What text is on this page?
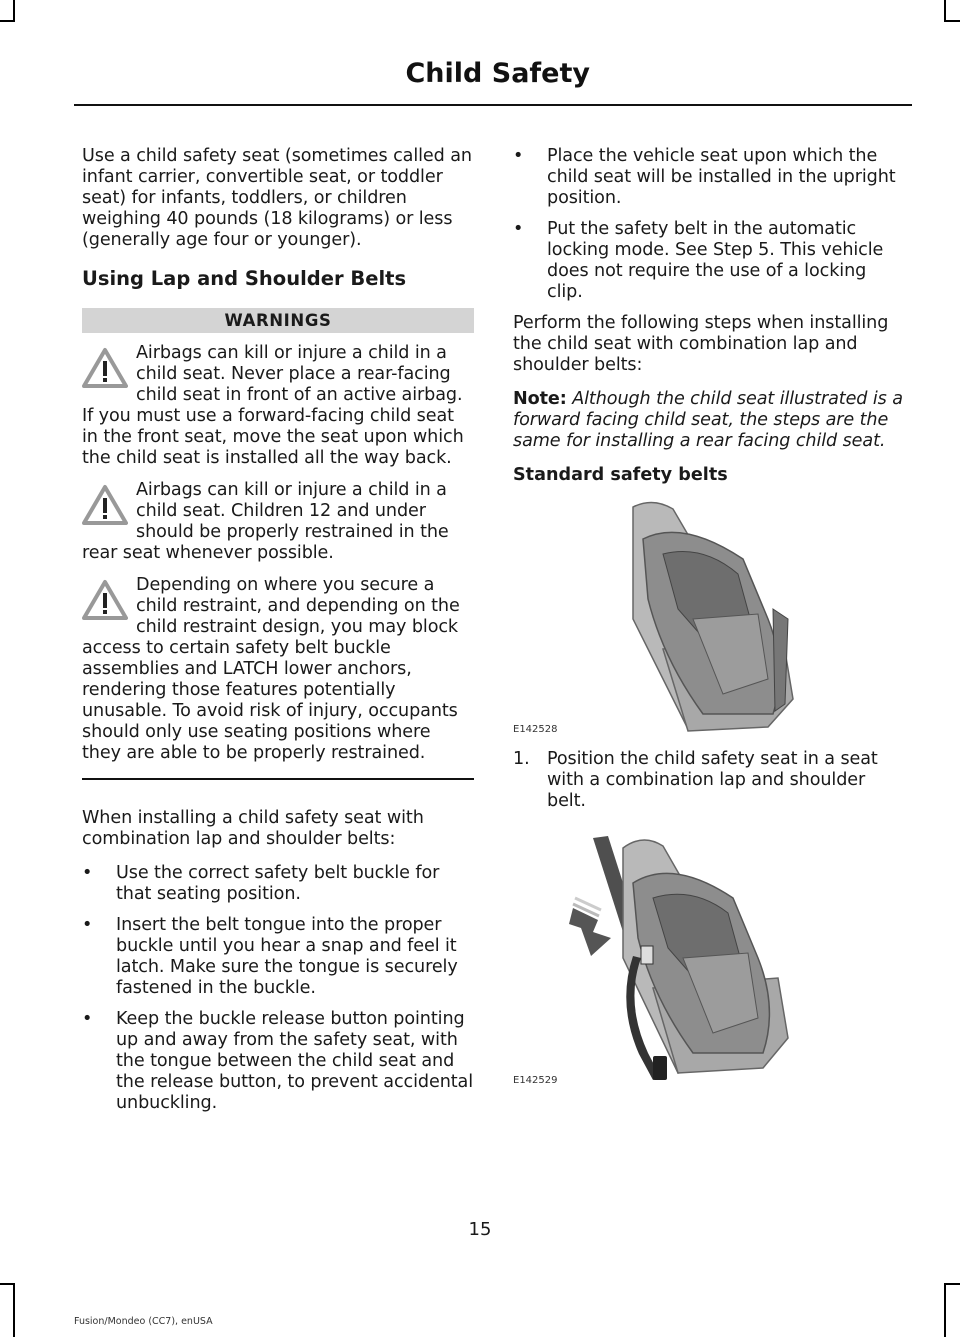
Child Safety

Use a child safety seat (sometimes called an infant carrier, convertible seat, or toddler seat) for infants, toddlers, or children weighing 40 pounds (18 kilograms) or less (generally age four or younger).

Using Lap and Shoulder Belts
WARNINGS
Airbags can kill or injure a child in a child seat. Never place a rear-facing child seat in front of an active airbag. If you must use a forward-facing child seat in the front seat, move the seat upon which the child seat is installed all the way back.
Airbags can kill or injure a child in a child seat. Children 12 and under should be properly restrained in the rear seat whenever possible.
Depending on where you secure a child restraint, and depending on the child restraint design, you may block access to certain safety belt buckle assemblies and LATCH lower anchors, rendering those features potentially unusable. To avoid risk of injury, occupants should only use seating positions where they are able to be properly restrained.

When installing a child safety seat with combination lap and shoulder belts:

• Use the correct safety belt buckle for that seating position.
• Insert the belt tongue into the proper buckle until you hear a snap and feel it latch. Make sure the tongue is securely fastened in the buckle.
• Keep the buckle release button pointing up and away from the safety seat, with the tongue between the child seat and the release button, to prevent accidental unbuckling.
• Place the vehicle seat upon which the child seat will be installed in the upright position.
• Put the safety belt in the automatic locking mode. See Step 5. This vehicle does not require the use of a locking clip.

Perform the following steps when installing the child seat with combination lap and shoulder belts:

Note: Although the child seat illustrated is a forward facing child seat, the steps are the same for installing a rear facing child seat.

Standard safety belts
E142528
1. Position the child safety seat in a seat with a combination lap and shoulder belt.
E142529
15
Fusion/Mondeo (CC7), enUSA
